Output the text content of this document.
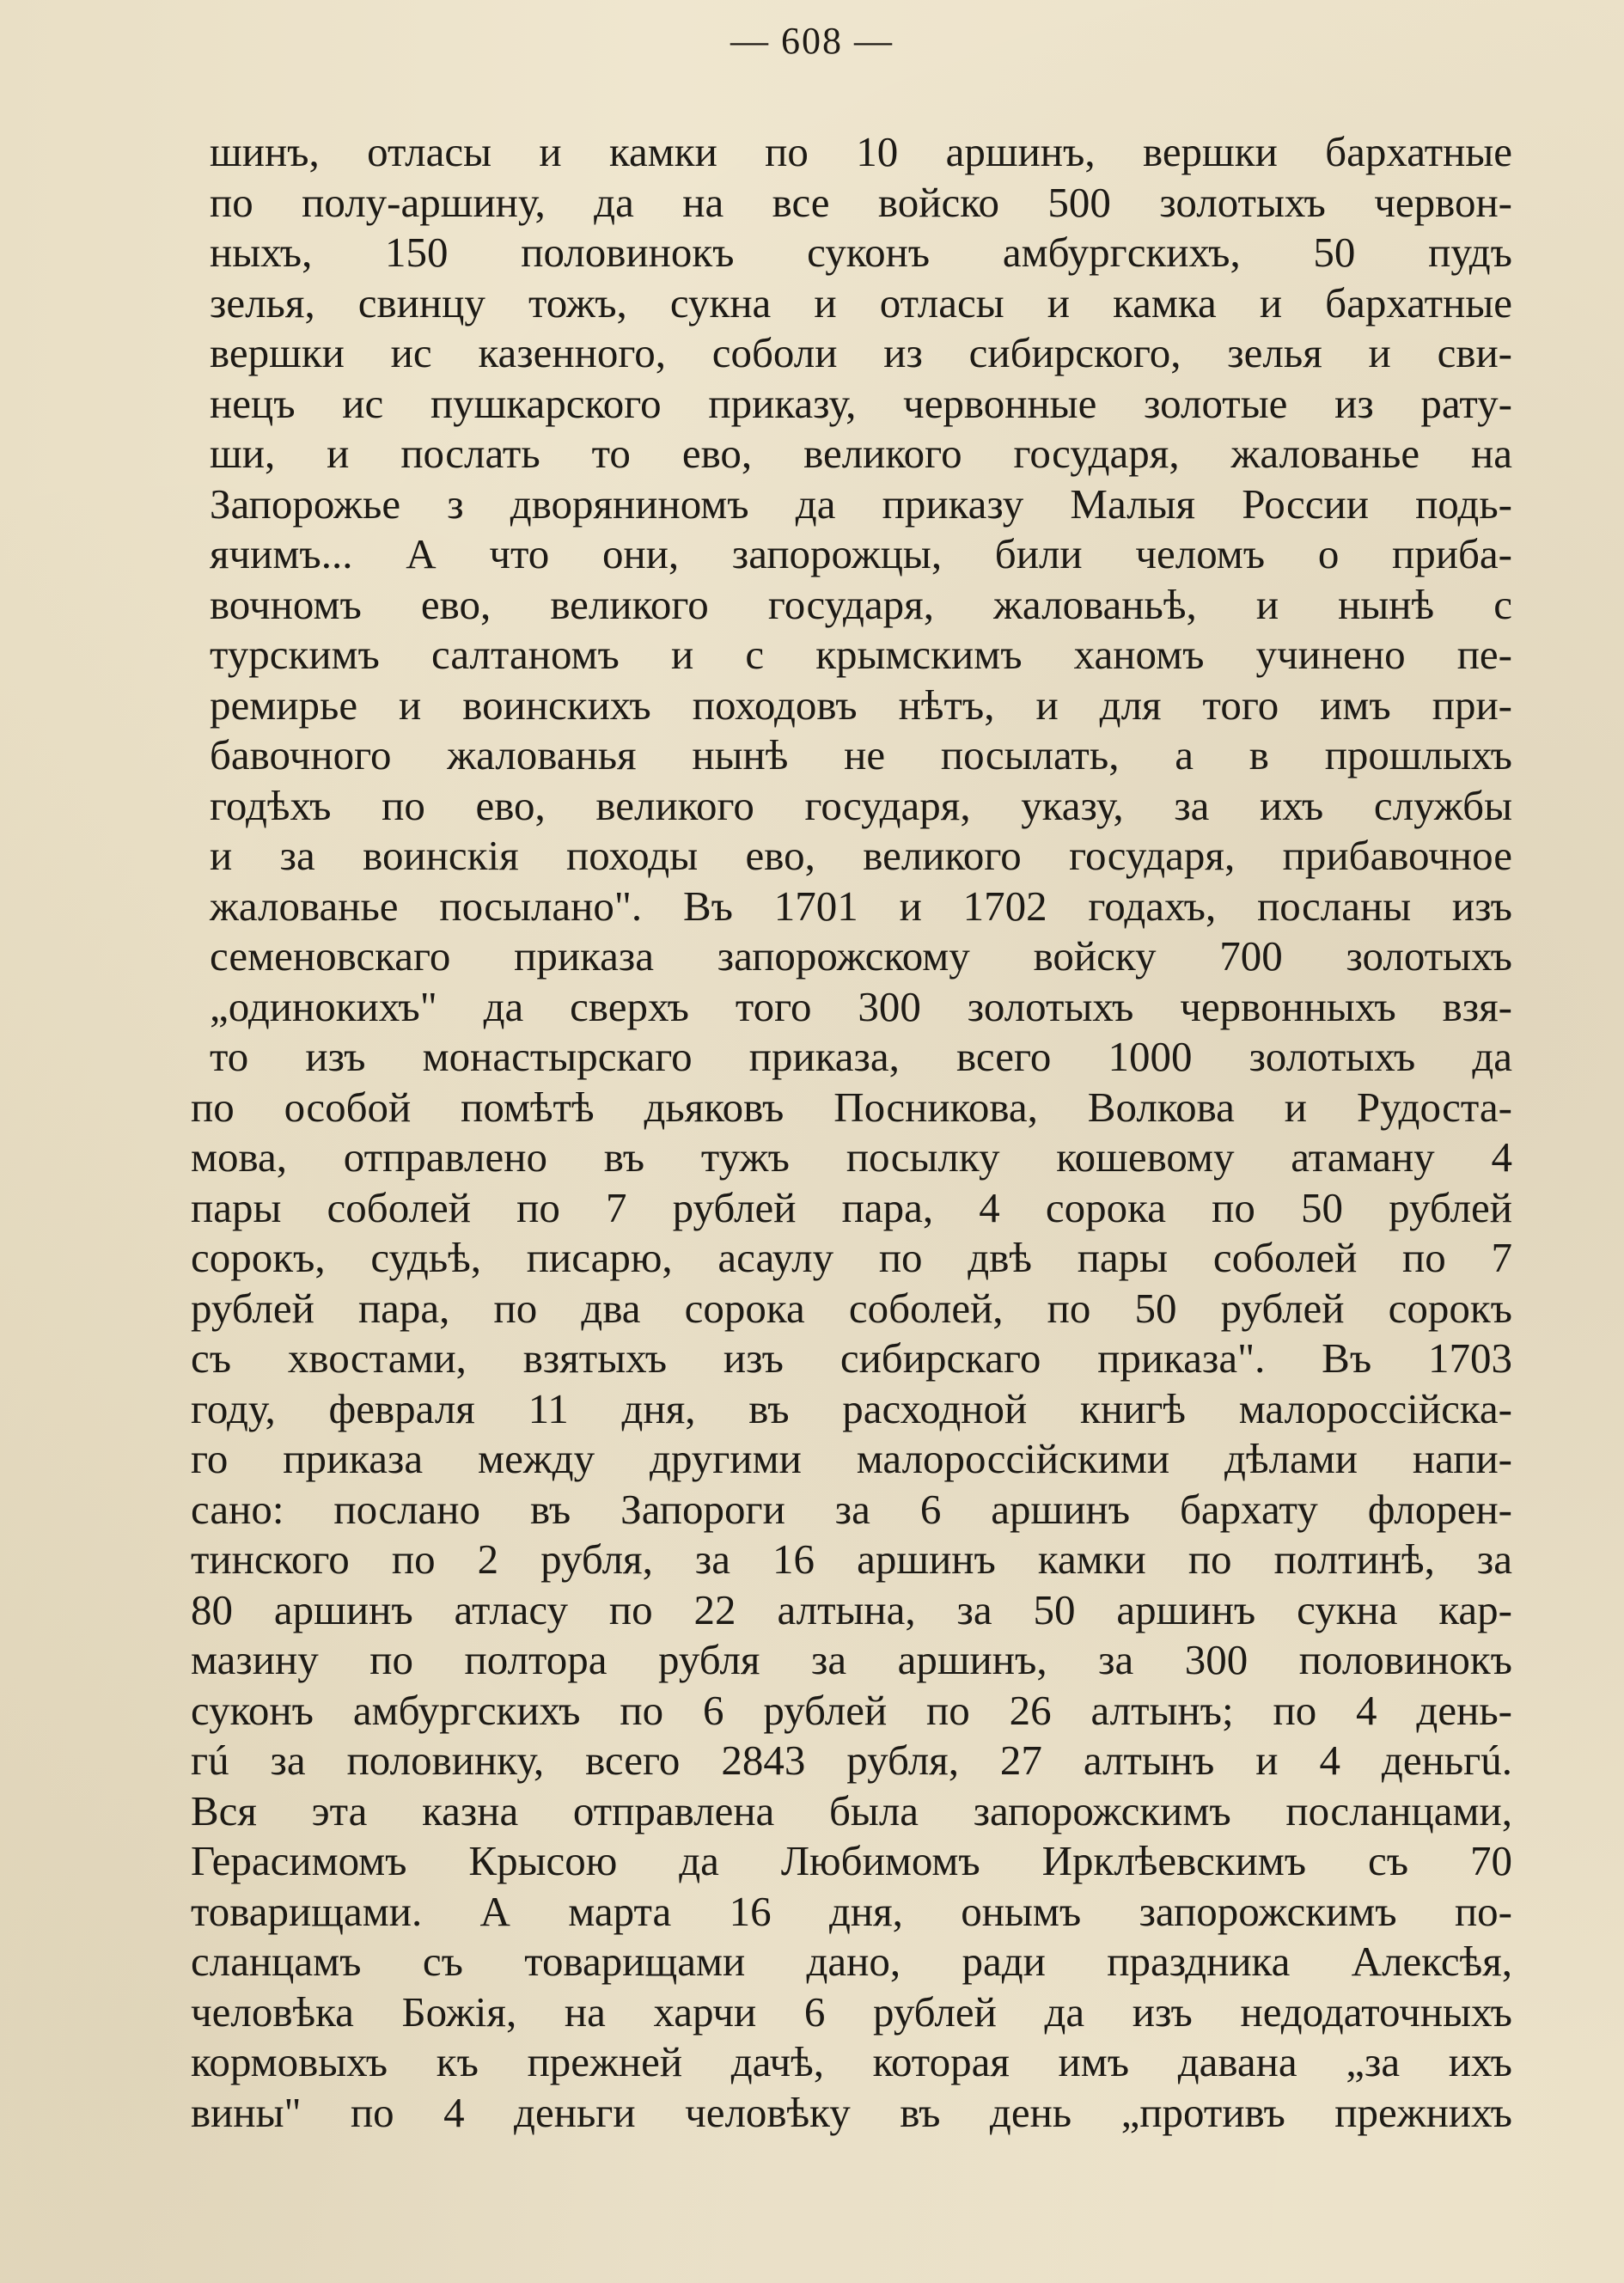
— 608 —
шинъ, отласы и камки по 10 аршинъ, вершки бархатные
по полу-аршину, да на все войско 500 золотыхъ червон-
ныхъ, 150 половинокъ суконъ амбургскихъ, 50 пудъ
зелья, свинцу тожъ, сукна и отласы и камка и бархатные
вершки ис казенного, соболи из сибирского, зелья и сви-
нецъ ис пушкарского приказу, червонные золотые из рату-
ши, и послать то ево, великого государя, жалованье на
Запорожье з дворяниномъ да приказу Малыя России подь-
ячимъ... А что они, запорожцы, били челомъ о приба-
вочномъ ево, великого государя, жалованьѣ, и нынѣ с
турскимъ салтаномъ и с крымскимъ ханомъ учинено пе-
ремирье и воинскихъ походовъ нѣтъ, и для того имъ при-
бавочного жалованья нынѣ не посылать, а в прошлыхъ
годѣхъ по ево, великого государя, указу, за ихъ службы
и за воинскiя походы ево, великого государя, прибавочное
жалованье посылано". Въ 1701 и 1702 годахъ, посланы изъ
семеновскаго приказа запорожскому войску 700 золотыхъ
„одинокихъ" да сверхъ того 300 золотыхъ червонныхъ взя-
то изъ монастырскаго приказа, всего 1000 золотыхъ да
по особой помѣтѣ дьяковъ Посникова, Волкова и Рудоста-
мова, отправлено въ тужъ посылку кошевому атаману 4
пары соболей по 7 рублей пара, 4 сорока по 50 рублей
сорокъ, судьѣ, писарю, асаулу по двѣ пары соболей по 7
рублей пара, по два сорока соболей, по 50 рублей сорокъ
съ хвостами, взятыхъ изъ сибирскаго приказа". Въ 1703
году, февраля 11 дня, въ расходной книгѣ малороссiйска-
го приказа между другими малороссiйскими дѣлами напи-
сано: послано въ Запороги за 6 аршинъ бархату флорен-
тинского по 2 рубля, за 16 аршинъ камки по полтинѣ, за
80 аршинъ атласу по 22 алтына, за 50 аршинъ сукна кар-
мазину по полтора рубля за аршинъ, за 300 половинокъ
суконъ амбургскихъ по 6 рублей по 26 алтынъ; по 4 день-
гú за половинку, всего 2843 рубля, 27 алтынъ и 4 деньгú.
Вся эта казна отправлена была запорожскимъ посланцами,
Герасимомъ Крысою да Любимомъ Ирклѣевскимъ съ 70
товарищами. А марта 16 дня, онымъ запорожскимъ по-
сланцамъ съ товарищами дано, ради праздника Алексѣя,
человѣка Божiя, на харчи 6 рублей да изъ недодаточныхъ
кормовыхъ къ прежней дачѣ, которая имъ давана „за ихъ
вины" по 4 деньги человѣку въ день „противъ прежнихъ
